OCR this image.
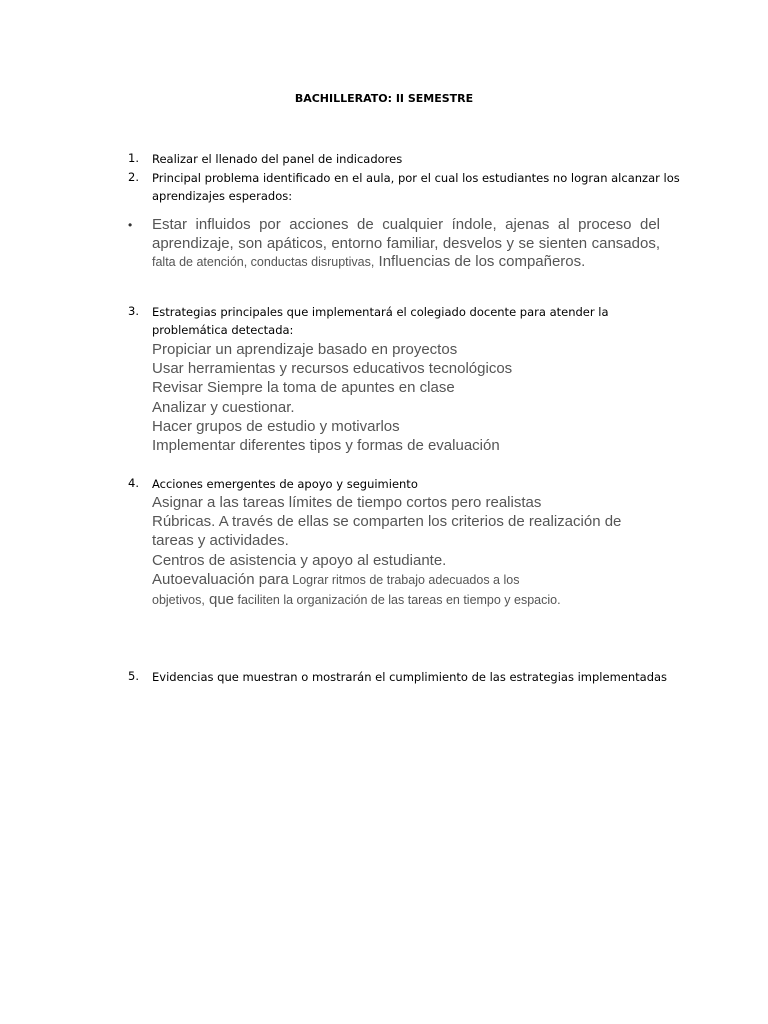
BACHILLERATO: II SEMESTRE
1. Realizar el llenado del panel de indicadores
2. Principal problema identificado en el aula, por el cual los estudiantes no logran alcanzar los
aprendizajes esperados:
• Estar influidos por acciones de cualquier índole, ajenas al proceso del
aprendizaje, son apáticos, entorno familiar, desvelos y se sienten cansados,
falta de atención, conductas disruptivas, Influencias de los compañeros.
3. Estrategias principales que implementará el colegiado docente para atender la
problemática detectada:
Propiciar un aprendizaje basado en proyectos
Usar herramientas y recursos educativos tecnológicos
Revisar Siempre la toma de apuntes en clase
Analizar y cuestionar.
Hacer grupos de estudio y motivarlos
Implementar diferentes tipos y formas de evaluación
4. Acciones emergentes de apoyo y seguimiento
Asignar a las tareas límites de tiempo cortos pero realistas
Rúbricas. A través de ellas se comparten los criterios de realización de
tareas y actividades.
Centros de asistencia y apoyo al estudiante.
Autoevaluación para Lograr ritmos de trabajo adecuados a los
objetivos, que faciliten la organización de las tareas en tiempo y espacio.
5. Evidencias que muestran o mostrarán el cumplimiento de las estrategias implementadas
